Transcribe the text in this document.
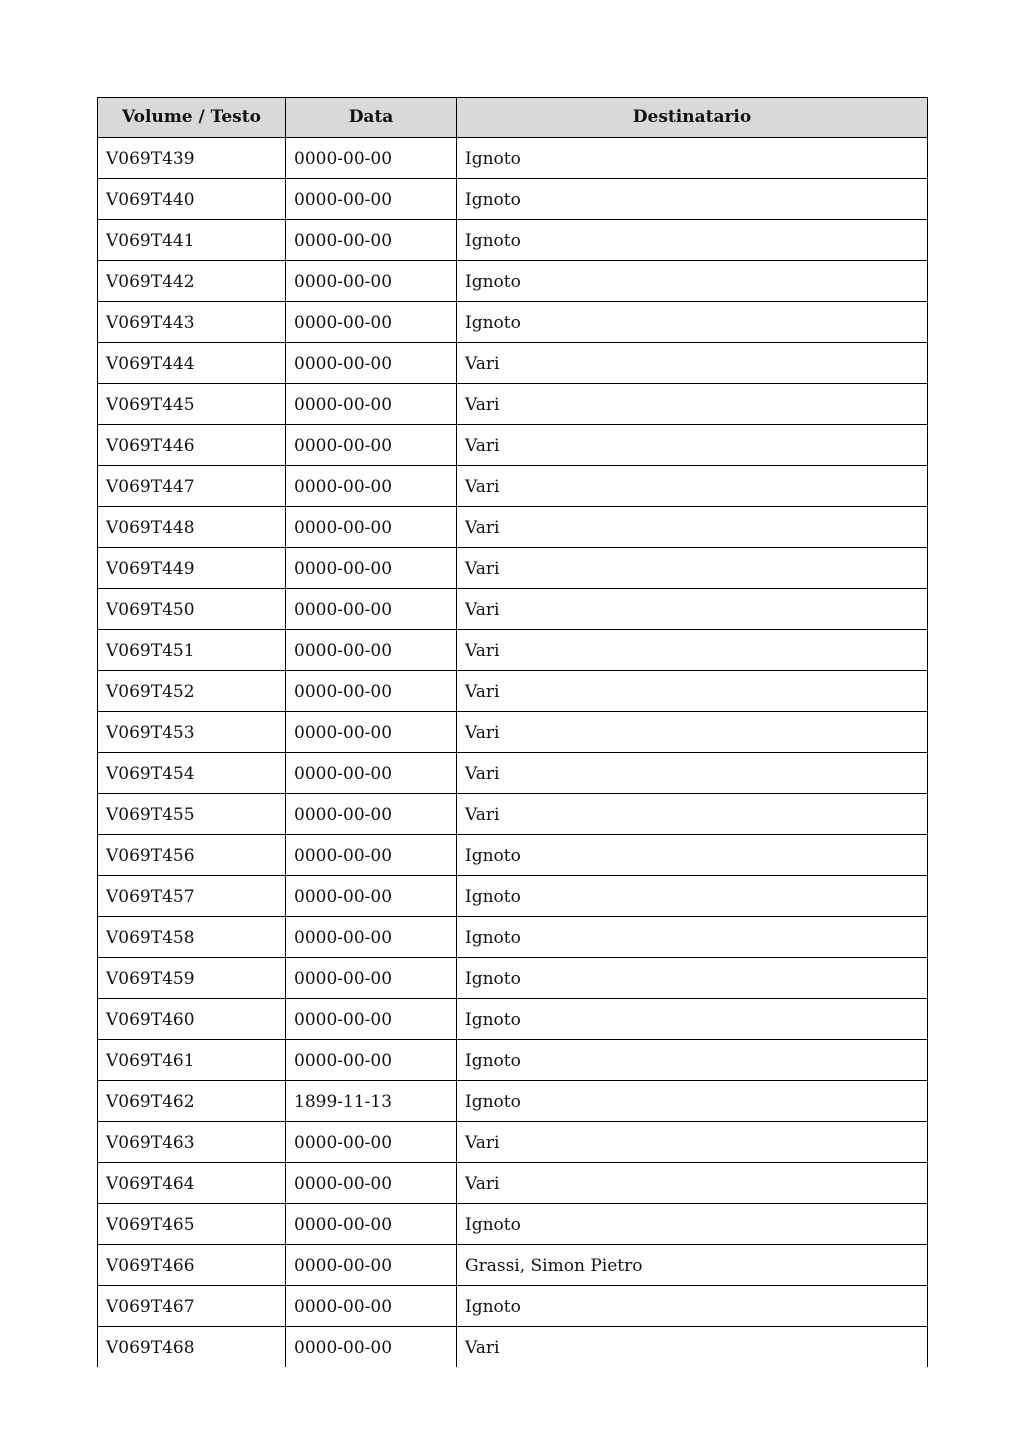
Volume / Testo	Data	Destinatario
V069T439	0000-00-00	Ignoto
V069T440	0000-00-00	Ignoto
V069T441	0000-00-00	Ignoto
V069T442	0000-00-00	Ignoto
V069T443	0000-00-00	Ignoto
V069T444	0000-00-00	Vari
V069T445	0000-00-00	Vari
V069T446	0000-00-00	Vari
V069T447	0000-00-00	Vari
V069T448	0000-00-00	Vari
V069T449	0000-00-00	Vari
V069T450	0000-00-00	Vari
V069T451	0000-00-00	Vari
V069T452	0000-00-00	Vari
V069T453	0000-00-00	Vari
V069T454	0000-00-00	Vari
V069T455	0000-00-00	Vari
V069T456	0000-00-00	Ignoto
V069T457	0000-00-00	Ignoto
V069T458	0000-00-00	Ignoto
V069T459	0000-00-00	Ignoto
V069T460	0000-00-00	Ignoto
V069T461	0000-00-00	Ignoto
V069T462	1899-11-13	Ignoto
V069T463	0000-00-00	Vari
V069T464	0000-00-00	Vari
V069T465	0000-00-00	Ignoto
V069T466	0000-00-00	Grassi, Simon Pietro
V069T467	0000-00-00	Ignoto
V069T468	0000-00-00	Vari
